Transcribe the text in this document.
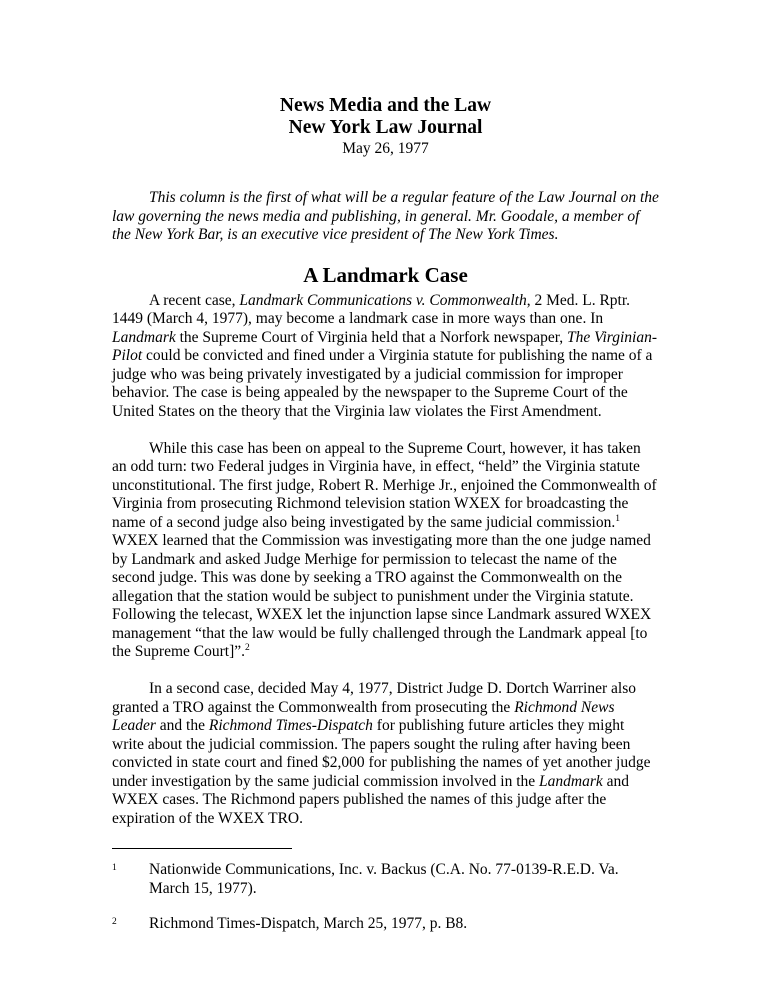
News Media and the Law
New York Law Journal
May 26, 1977
This column is the first of what will be a regular feature of the Law Journal on the law governing the news media and publishing, in general. Mr. Goodale, a member of the New York Bar, is an executive vice president of The New York Times.
A Landmark Case

A recent case, Landmark Communications v. Commonwealth, 2 Med. L. Rptr. 1449 (March 4, 1977), may become a landmark case in more ways than one. In Landmark the Supreme Court of Virginia held that a Norfork newspaper, The Virginian-Pilot could be convicted and fined under a Virginia statute for publishing the name of a judge who was being privately investigated by a judicial commission for improper behavior. The case is being appealed by the newspaper to the Supreme Court of the United States on the theory that the Virginia law violates the First Amendment.

While this case has been on appeal to the Supreme Court, however, it has taken an odd turn: two Federal judges in Virginia have, in effect, “held” the Virginia statute unconstitutional. The first judge, Robert R. Merhige Jr., enjoined the Commonwealth of Virginia from prosecuting Richmond television station WXEX for broadcasting the name of a second judge also being investigated by the same judicial commission.$^1$ WXEX learned that the Commission was investigating more than the one judge named by Landmark and asked Judge Merhige for permission to telecast the name of the second judge. This was done by seeking a TRO against the Commonwealth on the allegation that the station would be subject to punishment under the Virginia statute. Following the telecast, WXEX let the injunction lapse since Landmark assured WXEX management “that the law would be fully challenged through the Landmark appeal [to the Supreme Court]”.$^2$

In a second case, decided May 4, 1977, District Judge D. Dortch Warriner also granted a TRO against the Commonwealth from prosecuting the Richmond News Leader and the Richmond Times-Dispatch for publishing future articles they might write about the judicial commission. The papers sought the ruling after having been convicted in state court and fined $2,000 for publishing the names of yet another judge under investigation by the same judicial commission involved in the Landmark and WXEX cases. The Richmond papers published the names of this judge after the expiration of the WXEX TRO.

1	Nationwide Communications, Inc. v. Backus (C.A. No. 77-0139-R.E.D. Va. March 15, 1977).
2	Richmond Times-Dispatch, March 25, 1977, p. B8.
